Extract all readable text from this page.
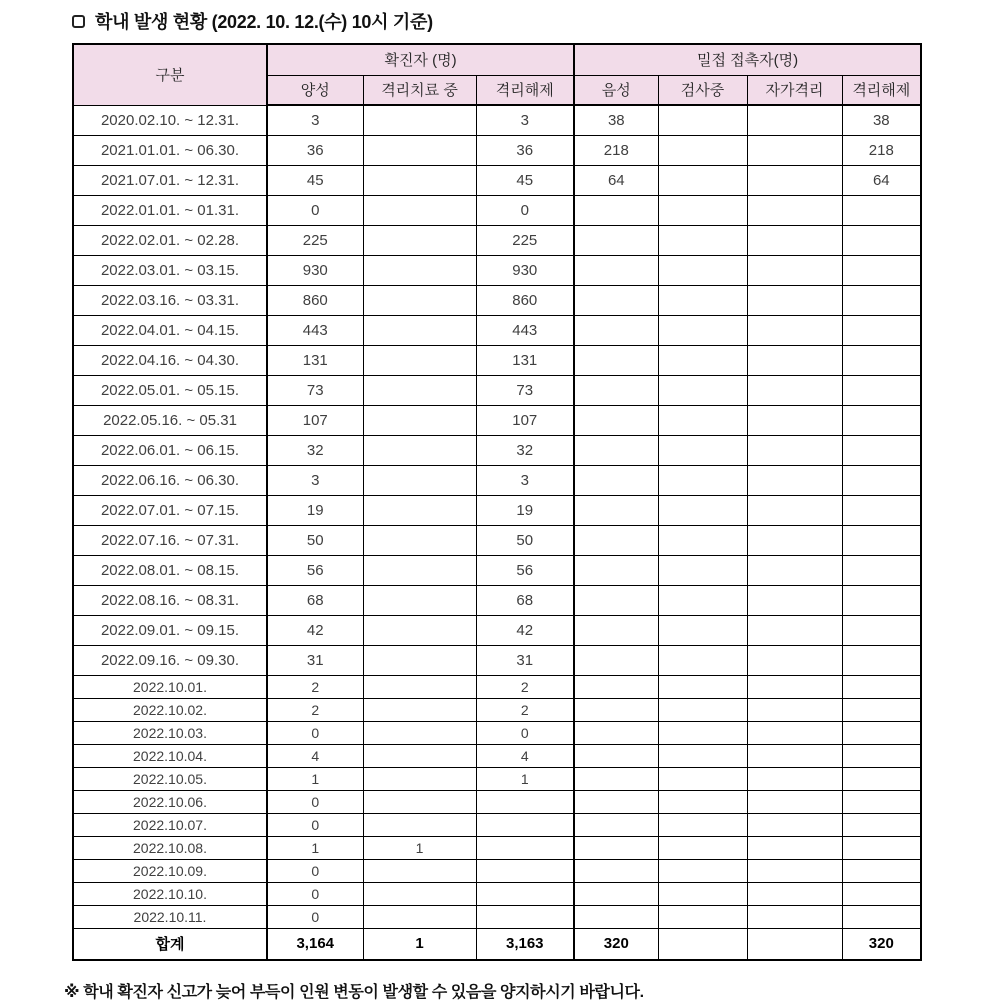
학내 발생 현황 (2022. 10. 12.(수) 10시 기준)
구분	확진자 (명)			밀접 접촉자(명)			
	양성	격리치료 중	격리해제	음성	검사중	자가격리	격리해제
2020.02.10. ~ 12.31.	3		3	38			38
2021.01.01. ~ 06.30.	36		36	218			218
2021.07.01. ~ 12.31.	45		45	64			64
2022.01.01. ~ 01.31.	0		0				
2022.02.01. ~ 02.28.	225		225				
2022.03.01. ~ 03.15.	930		930				
2022.03.16. ~ 03.31.	860		860				
2022.04.01. ~ 04.15.	443		443				
2022.04.16. ~ 04.30.	131		131				
2022.05.01. ~ 05.15.	73		73				
2022.05.16. ~ 05.31	107		107				
2022.06.01. ~ 06.15.	32		32				
2022.06.16. ~ 06.30.	3		3				
2022.07.01. ~ 07.15.	19		19				
2022.07.16. ~ 07.31.	50		50				
2022.08.01. ~ 08.15.	56		56				
2022.08.16. ~ 08.31.	68		68				
2022.09.01. ~ 09.15.	42		42				
2022.09.16. ~ 09.30.	31		31				
2022.10.01.	2		2				
2022.10.02.	2		2				
2022.10.03.	0		0				
2022.10.04.	4		4				
2022.10.05.	1		1				
2022.10.06.	0						
2022.10.07.	0						
2022.10.08.	1	1					
2022.10.09.	0						
2022.10.10.	0						
2022.10.11.	0						
합계	3,164	1	3,163	320			320
※ 학내 확진자 신고가 늦어 부득이 인원 변동이 발생할 수 있음을 양지하시기 바랍니다.
